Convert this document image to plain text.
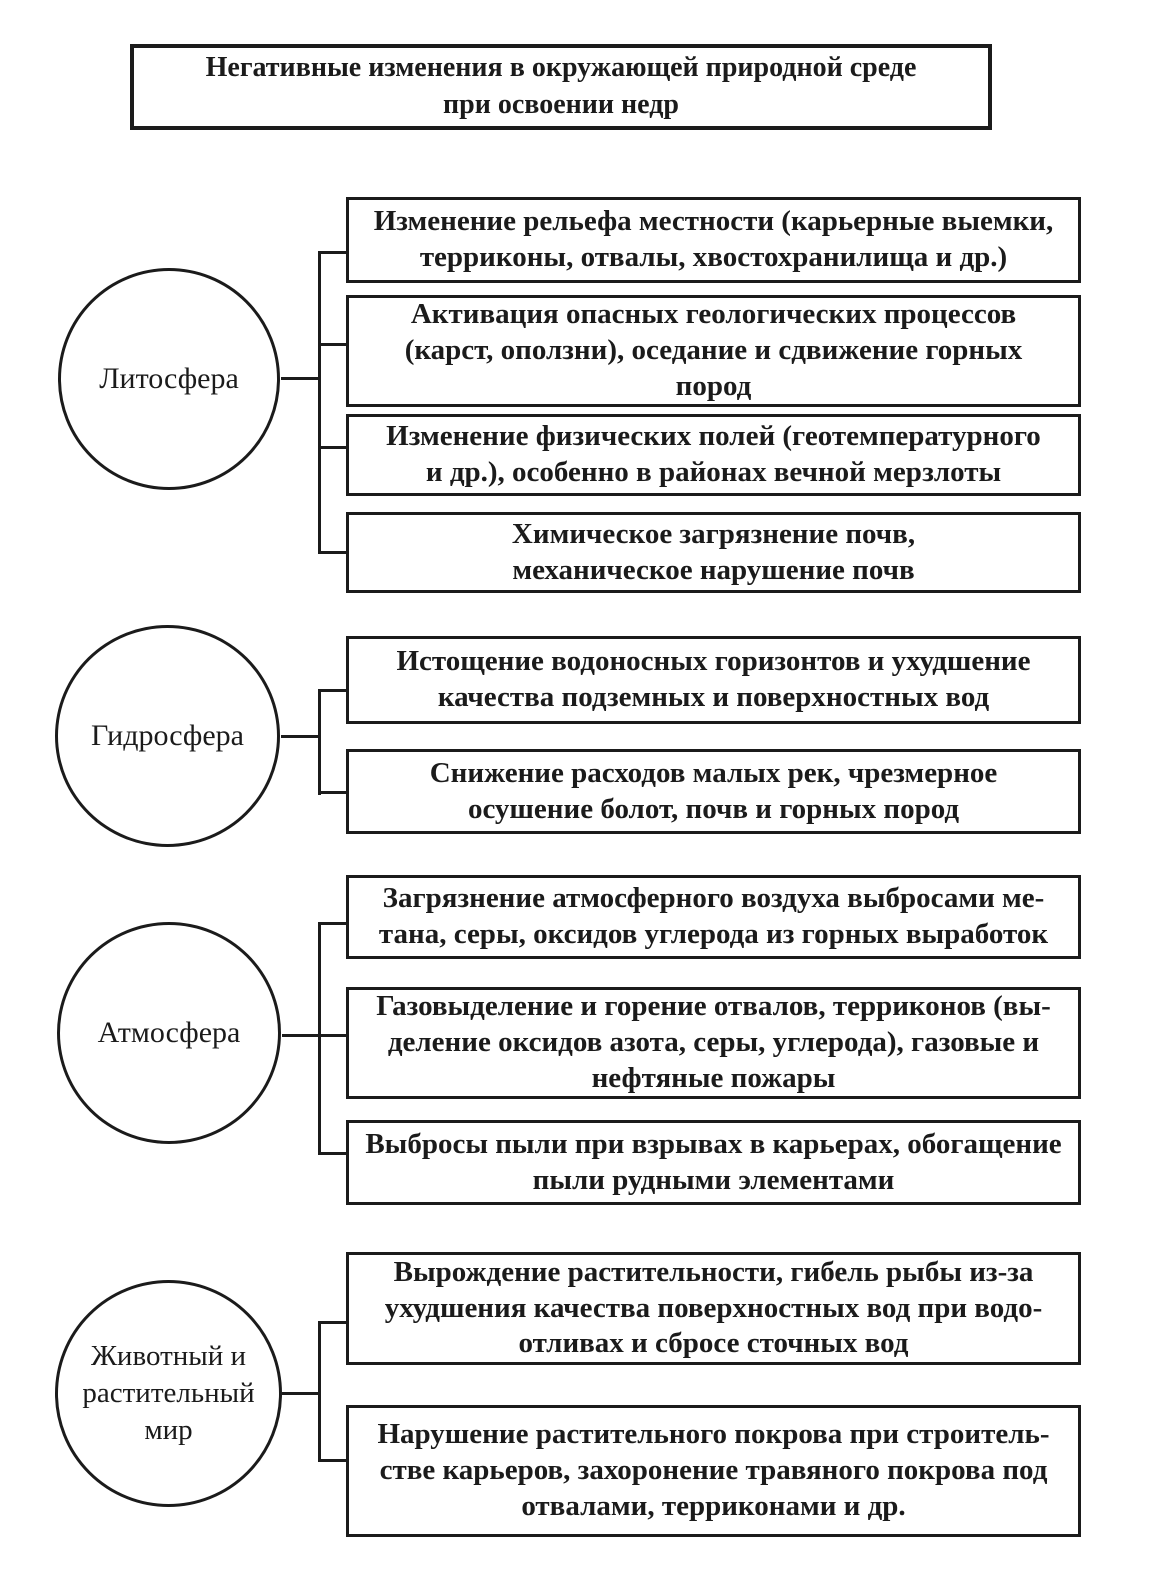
Негативные изменения в окружающей природной среде
при освоении недр
Литосфера
Изменение рельефа местности (карьерные выемки,
терриконы, отвалы, хвостохранилища и др.)
Активация опасных геологических процессов
(карст, оползни), оседание и сдвижение горных
пород
Изменение физических полей (геотемпературного
и др.), особенно в районах вечной мерзлоты
Химическое загрязнение почв,
механическое нарушение почв
Гидросфера
Истощение водоносных горизонтов и ухудшение
качества подземных и поверхностных вод
Снижение расходов малых рек, чрезмерное
осушение болот, почв и горных пород
Атмосфера
Загрязнение атмосферного воздуха выбросами ме-
тана, серы, оксидов углерода из горных выработок
Газовыделение и горение отвалов, терриконов (вы-
деление оксидов азота, серы, углерода), газовые и
нефтяные пожары
Выбросы пыли при взрывах в карьерах, обогащение
пыли рудными элементами
Животный и
растительный
мир
Вырождение растительности, гибель рыбы из-за
ухудшения качества поверхностных вод при водо-
отливах и сбросе сточных вод
Нарушение растительного покрова при строитель-
стве карьеров, захоронение травяного покрова под
отвалами, терриконами и др.
